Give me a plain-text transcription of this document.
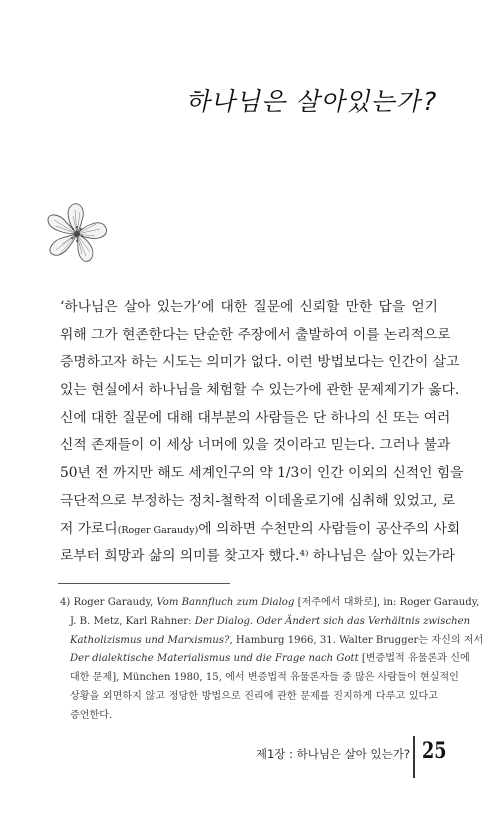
하나님은 살아있는가?
‘하나님은 살아 있는가’에 대한 질문에 신뢰할 만한 답을 얻기
위해 그가 현존한다는 단순한 주장에서 출발하여 이를 논리적으로
증명하고자 하는 시도는 의미가 없다. 이런 방법보다는 인간이 살고
있는 현실에서 하나님을 체험할 수 있는가에 관한 문제제기가 옳다.
신에 대한 질문에 대해 대부분의 사람들은 단 하나의 신 또는 여러
신적 존재들이 이 세상 너머에 있을 것이라고 믿는다. 그러나 불과
50년 전 까지만 해도 세계인구의 약 1/3이 인간 이외의 신적인 힘을
극단적으로 부정하는 정치-철학적 이데올로기에 심취해 있었고, 로
저 가로디(Roger Garaudy)에 의하면 수천만의 사람들이 공산주의 사회
로부터 희망과 삶의 의미를 찾고자 했다.⁴⁾ 하나님은 살아 있는가라
4) Roger Garaudy, Vom Bannfluch zum Dialog [저주에서 대화로], in: Roger Garaudy,
J. B. Metz, Karl Rahner: Der Dialog. Oder Ändert sich das Verhältnis zwischen
Katholizismus und Marxismus?, Hamburg 1966, 31. Walter Brugger는 자신의 저서
Der dialektische Materialismus und die Frage nach Gott [변증법적 유물론과 신에
대한 문제], München 1980, 15, 에서 변증법적 유물론자들 중 많은 사람들이 현실적인
상황을 외면하지 않고 정당한 방법으로 진리에 관한 문제를 진지하게 다루고 있다고
증언한다.
제1장 : 하나님은 살아 있는가? 25
